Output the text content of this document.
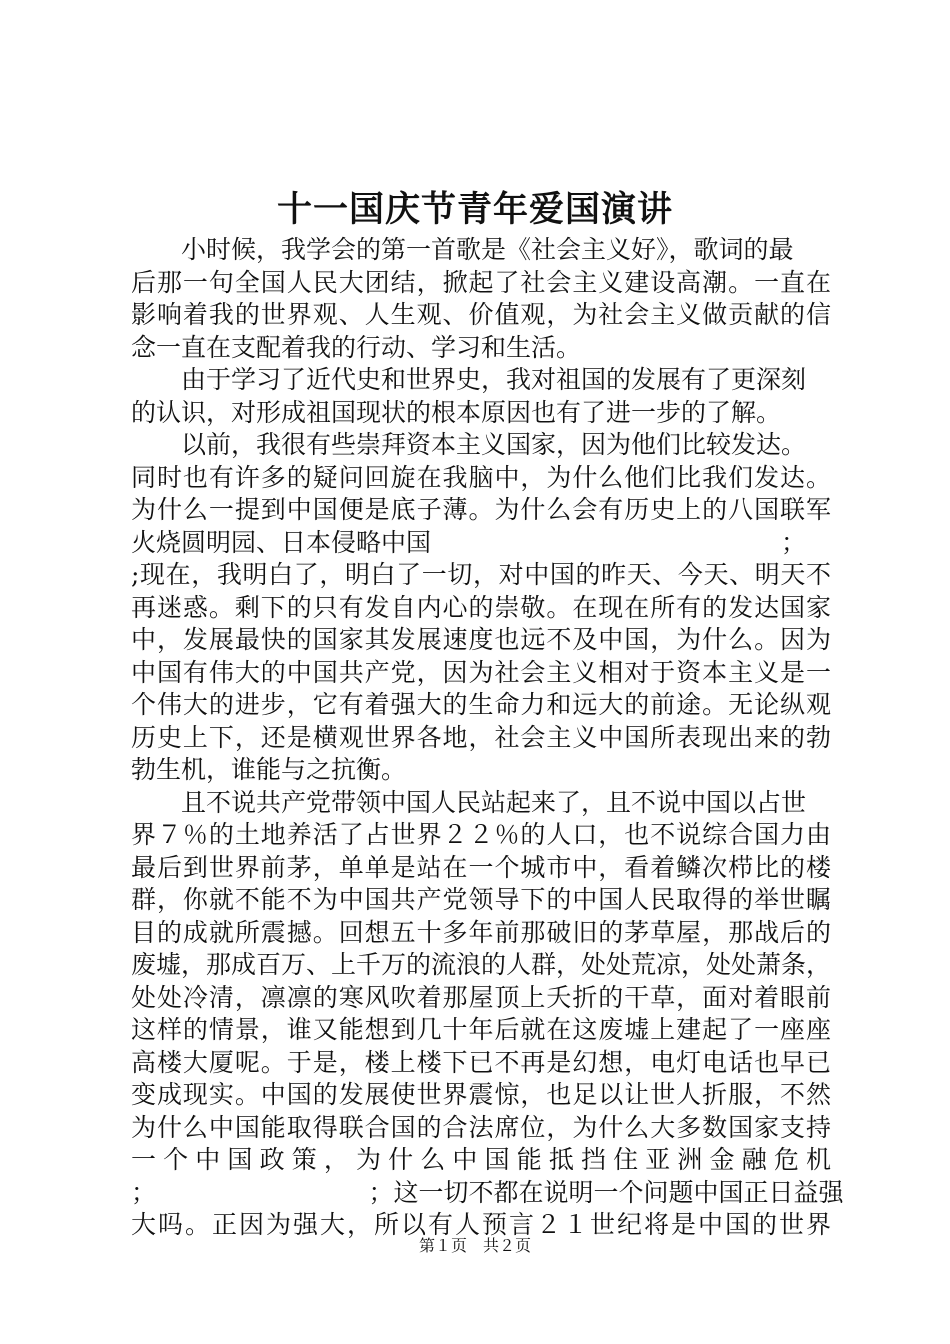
十一国庆节青年爱国演讲
小时候，我学会的第一首歌是《社会主义好》，歌词的最
后那一句全国人民大团结，掀起了社会主义建设高潮。一直在
影响着我的世界观、人生观、价值观，为社会主义做贡献的信
念一直在支配着我的行动、学习和生活。
由于学习了近代史和世界史，我对祖国的发展有了更深刻
的认识，对形成祖国现状的根本原因也有了进一步的了解。
以前，我很有些崇拜资本主义国家，因为他们比较发达。
同时也有许多的疑问回旋在我脑中，为什么他们比我们发达。
为什么一提到中国便是底子薄。为什么会有历史上的八国联军
火烧圆明园、日本侵略中国　　　　　　　　　　　　　　；
;现在，我明白了，明白了一切，对中国的昨天、今天、明天不
再迷惑。剩下的只有发自内心的崇敬。在现在所有的发达国家
中，发展最快的国家其发展速度也远不及中国，为什么。因为
中国有伟大的中国共产党，因为社会主义相对于资本主义是一
个伟大的进步，它有着强大的生命力和远大的前途。无论纵观
历史上下，还是横观世界各地，社会主义中国所表现出来的勃
勃生机，谁能与之抗衡。
且不说共产党带领中国人民站起来了，且不说中国以占世
界７％的土地养活了占世界２２％的人口，也不说综合国力由
最后到世界前茅，单单是站在一个城市中，看着鳞次栉比的楼
群，你就不能不为中国共产党领导下的中国人民取得的举世瞩
目的成就所震撼。回想五十多年前那破旧的茅草屋，那战后的
废墟，那成百万、上千万的流浪的人群，处处荒凉，处处萧条，
处处冷清，凛凛的寒风吹着那屋顶上夭折的干草，面对着眼前
这样的情景，谁又能想到几十年后就在这废墟上建起了一座座
高楼大厦呢。于是，楼上楼下已不再是幻想，电灯电话也早已
变成现实。中国的发展使世界震惊，也足以让世人折服，不然
为什么中国能取得联合国的合法席位，为什么大多数国家支持
一个中国政策，为什么中国能抵挡住亚洲金融危机
；　　　　　　　　　；这一切不都在说明一个问题中国正日益强
大吗。正因为强大，所以有人预言２１世纪将是中国的世界
第１页　共２页
